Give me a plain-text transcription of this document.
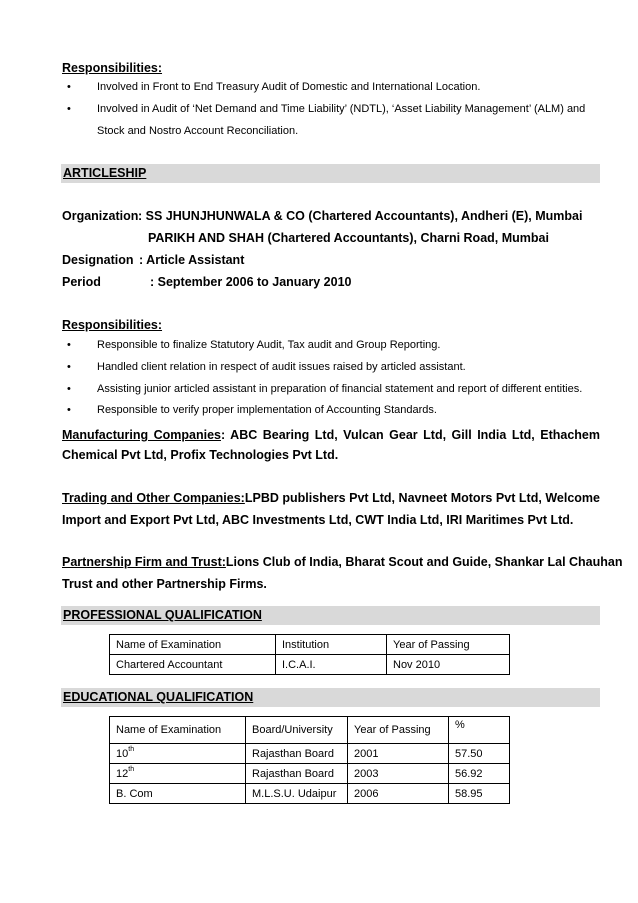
Responsibilities:
• Involved in Front to End Treasury Audit of Domestic and International Location.
• Involved in Audit of ‘Net Demand and Time Liability’ (NDTL), ‘Asset Liability Management’ (ALM) and
Stock and Nostro Account Reconciliation.
ARTICLESHIP
Organization : SS JHUNJHUNWALA & CO (Chartered Accountants), Andheri (E), Mumbai
PARIKH AND SHAH (Chartered Accountants), Charni Road, Mumbai
Designation : Article Assistant
Period	: September 2006 to January 2010
Responsibilities:
• Responsible to finalize Statutory Audit, Tax audit and Group Reporting.
• Handled client relation in respect of audit issues raised by articled assistant.
• Assisting junior articled assistant in preparation of financial statement and report of different entities.
• Responsible to verify proper implementation of Accounting Standards.
Manufacturing Companies: ABC Bearing Ltd, Vulcan Gear Ltd, Gill India Ltd, Ethachem
Chemical Pvt Ltd, Profix Technologies Pvt Ltd.
Trading and Other Companies:LPBD publishers Pvt Ltd, Navneet Motors Pvt Ltd, Welcome
Import and Export Pvt Ltd, ABC Investments Ltd, CWT India Ltd, IRI Maritimes Pvt Ltd.
Partnership Firm and Trust:Lions Club of India, Bharat Scout and Guide, Shankar Lal Chauhan
Trust and other Partnership Firms.
PROFESSIONAL QUALIFICATION
Name of Examination	Institution	Year of Passing
Chartered Accountant	I.C.A.I.	Nov 2010
EDUCATIONAL QUALIFICATION
Name of Examination	Board/University	Year of Passing	%
10th	Rajasthan Board	2001	57.50
12th	Rajasthan Board	2003	56.92
B. Com	M.L.S.U. Udaipur	2006	58.95
